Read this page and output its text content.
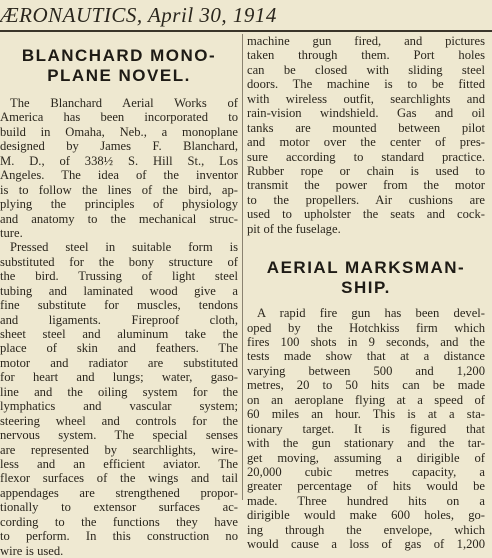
ÆRONAUTICS, April 30, 1914
BLANCHARD MONO-
PLANE NOVEL.
The Blanchard Aerial Works of
America has been incorporated to
build in Omaha, Neb., a monoplane
designed by James F. Blanchard,
M. D., of 338½ S. Hill St., Los
Angeles. The idea of the inventor
is to follow the lines of the bird, ap-
plying the principles of physiology
and anatomy to the mechanical struc-
ture.
Pressed steel in suitable form is
substituted for the bony structure of
the bird. Trussing of light steel
tubing and laminated wood give a
fine substitute for muscles, tendons
and ligaments. Fireproof cloth,
sheet steel and aluminum take the
place of skin and feathers. The
motor and radiator are substituted
for heart and lungs; water, gaso-
line and the oiling system for the
lymphatics and vascular system;
steering wheel and controls for the
nervous system. The special senses
are represented by searchlights, wire-
less and an efficient aviator. The
flexor surfaces of the wings and tail
appendages are strengthened propor-
tionally to extensor surfaces ac-
cording to the functions they have
to perform. In this construction no
wire is used.
machine gun fired, and pictures
taken through them. Port holes
can be closed with sliding steel
doors. The machine is to be fitted
with wireless outfit, searchlights and
rain-vision windshield. Gas and oil
tanks are mounted between pilot
and motor over the center of pres-
sure according to standard practice.
Rubber rope or chain is used to
transmit the power from the motor
to the propellers. Air cushions are
used to upholster the seats and cock-
pit of the fuselage.
AERIAL MARKSMAN-
SHIP.
A rapid fire gun has been devel-
oped by the Hotchkiss firm which
fires 100 shots in 9 seconds, and the
tests made show that at a distance
varying between 500 and 1,200
metres, 20 to 50 hits can be made
on an aeroplane flying at a speed of
60 miles an hour. This is at a sta-
tionary target. It is figured that
with the gun stationary and the tar-
get moving, assuming a dirigible of
20,000 cubic metres capacity, a
greater percentage of hits would be
made. Three hundred hits on a
dirigible would make 600 holes, go-
ing through the envelope, which
would cause a loss of gas of 1,200
